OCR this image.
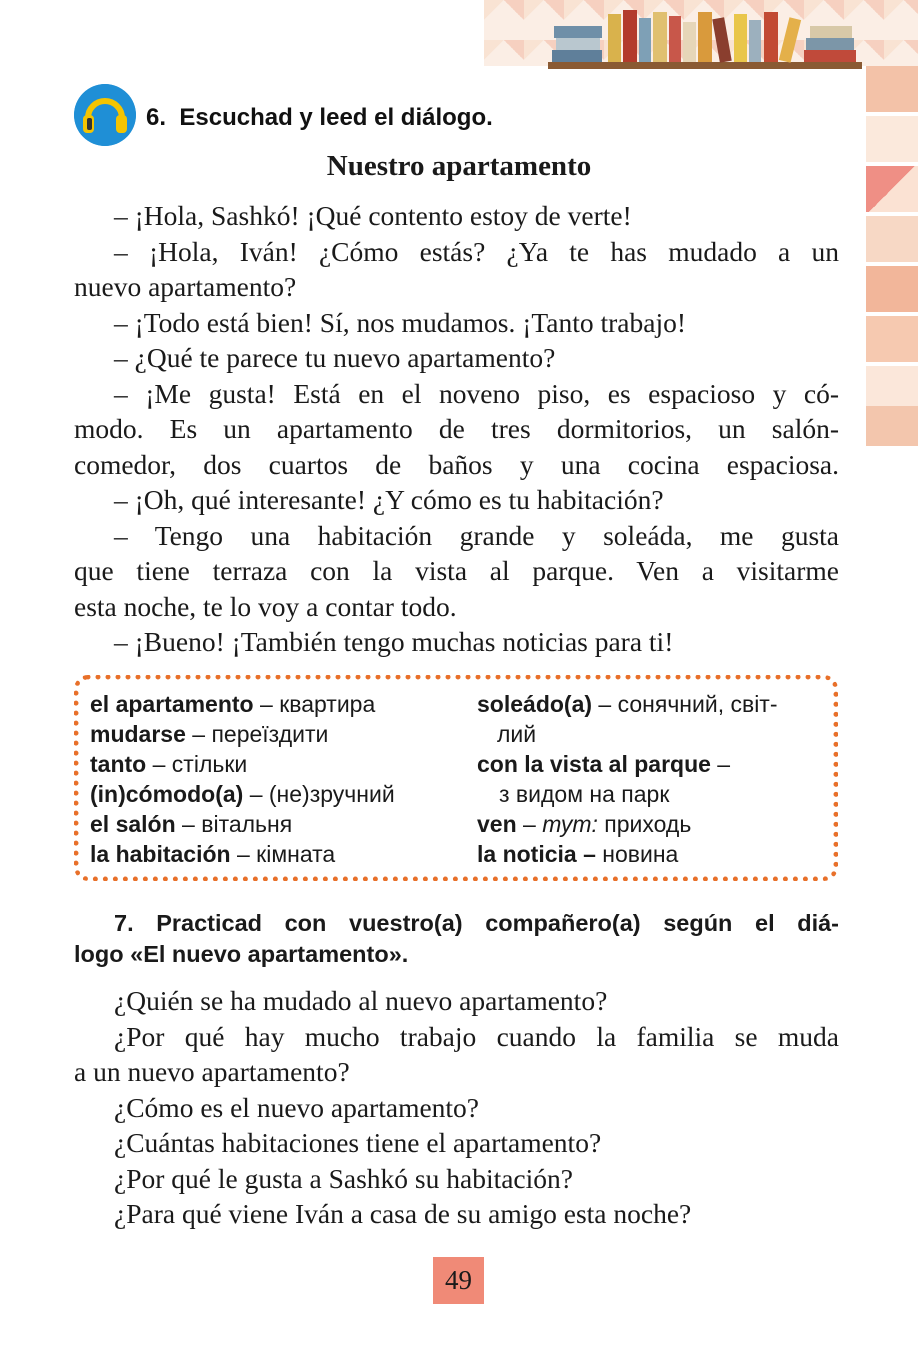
6. Escuchad y leed el diálogo.
Nuestro apartamento
– ¡Hola, Sashkó! ¡Qué contento estoy de verte!
– ¡Hola, Iván! ¿Cómo estás? ¿Ya te has mudado a un
nuevo apartamento?
– ¡Todo está bien! Sí, nos mudamos. ¡Tanto trabajo!
– ¿Qué te parece tu nuevo apartamento?
– ¡Me gusta! Está en el noveno piso, es espacioso y có-
modo. Es un apartamento de tres dormitorios, un salón-
comedor, dos cuartos de baños y una cocina espaciosa.
– ¡Oh, qué interesante! ¿Y cómo es tu habitación?
– Tengo una habitación grande y soleáda, me gusta
que tiene terraza con la vista al parque. Ven a visitarme
esta noche, te lo voy a contar todo.
– ¡Bueno! ¡También tengo muchas noticias para ti!
el apartamento – квартира
mudarse – переїздити
tanto – стільки
(in)cómodo(a) – (не)зручний
el salón – вітальня
la habitación – кімната
soleádo(a) – сонячний, світ-
лий
con la vista al parque –
з видом на парк
ven – тут: приходь
la noticia – новина
7. Practicad con vuestro(a) compañero(a) según el diá-
logo «El nuevo apartamento».
¿Quién se ha mudado al nuevo apartamento?
¿Por qué hay mucho trabajo cuando la familia se muda
a un nuevo apartamento?
¿Cómo es el nuevo apartamento?
¿Cuántas habitaciones tiene el apartamento?
¿Por qué le gusta a Sashkó su habitación?
¿Para qué viene Iván a casa de su amigo esta noche?
49
